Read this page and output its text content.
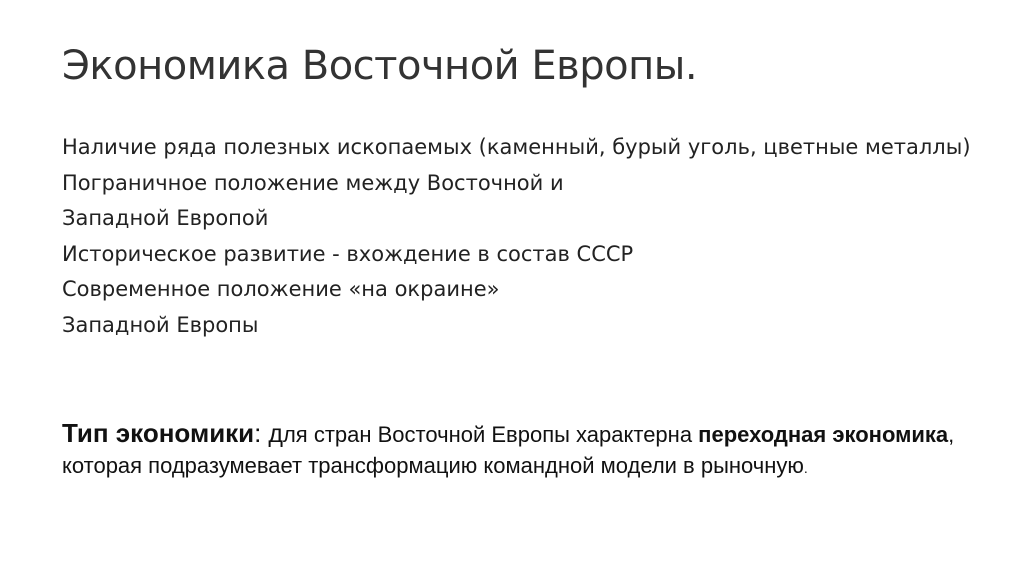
Экономика Восточной Европы.
Наличие ряда полезных ископаемых (каменный, бурый уголь, цветные металлы)
Пограничное положение между Восточной и
Западной Европой
Историческое развитие - вхождение в состав СССР
Современное положение «на окраине»
Западной Европы

Тип экономики: для стран Восточной Европы характерна переходная экономика, которая подразумевает трансформацию командной модели в рыночную.
